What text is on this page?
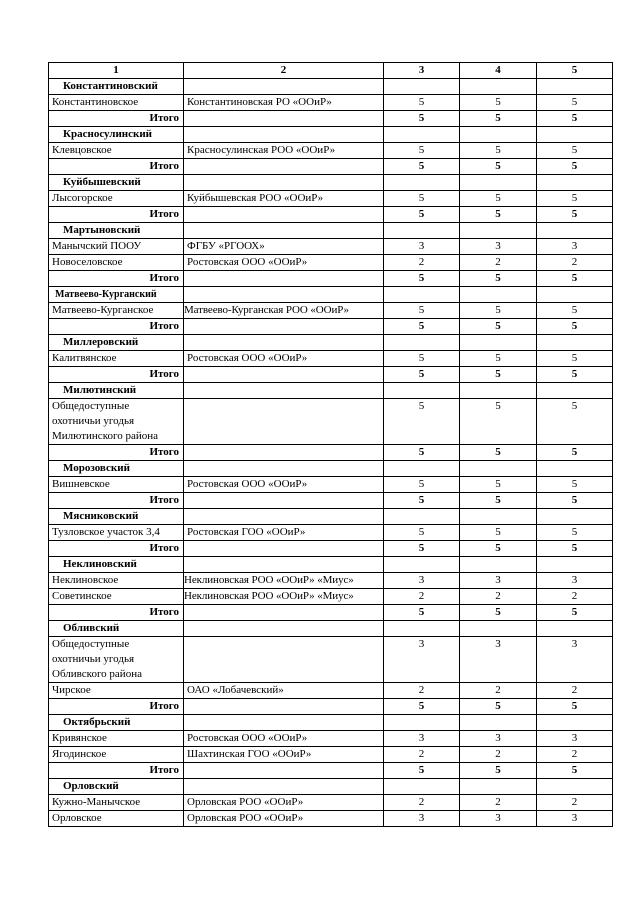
1	2	3	4	5
Константиновский				
Константиновское	Константиновская РО «ООиР»	5	5	5
Итого		5	5	5
Красносулинский				
Клевцовское	Красносулинская РОО «ООиР»	5	5	5
Итого		5	5	5
Куйбышевский				
Лысогорское	Куйбышевская РОО «ООиР»	5	5	5
Итого		5	5	5
Мартыновский				
Манычский ПООУ	ФГБУ «РГООХ»	3	3	3
Новоселовское	Ростовская ООО «ООиР»	2	2	2
Итого		5	5	5
Матвеево-Курганский				
Матвеево-Курганское	Матвеево-Курганская РОО «ООиР»	5	5	5
Итого		5	5	5
Миллеровский				
Калитвянское	Ростовская ООО «ООиР»	5	5	5
Итого		5	5	5
Милютинский				
Общедоступные охотничьи угодья Милютинского района		5	5	5
Итого		5	5	5
Морозовский				
Вишневское	Ростовская ООО «ООиР»	5	5	5
Итого		5	5	5
Мясниковский				
Тузловское участок 3,4	Ростовская ГОО «ООиР»	5	5	5
Итого		5	5	5
Неклиновский				
Неклиновское	Неклиновская РОО «ООиР» «Миус»	3	3	3
Советинское	Неклиновская РОО «ООиР» «Миус»	2	2	2
Итого		5	5	5
Обливский				
Общедоступные охотничьи угодья Обливского района		3	3	3
Чирское	ОАО «Лобачевский»	2	2	2
Итого		5	5	5
Октябрьский				
Кривянское	Ростовская ООО «ООиР»	3	3	3
Ягодинское	Шахтинская ГОО «ООиР»	2	2	2
Итого		5	5	5
Орловский				
Кужно-Манычское	Орловская РОО «ООиР»	2	2	2
Орловское	Орловская РОО «ООиР»	3	3	3
